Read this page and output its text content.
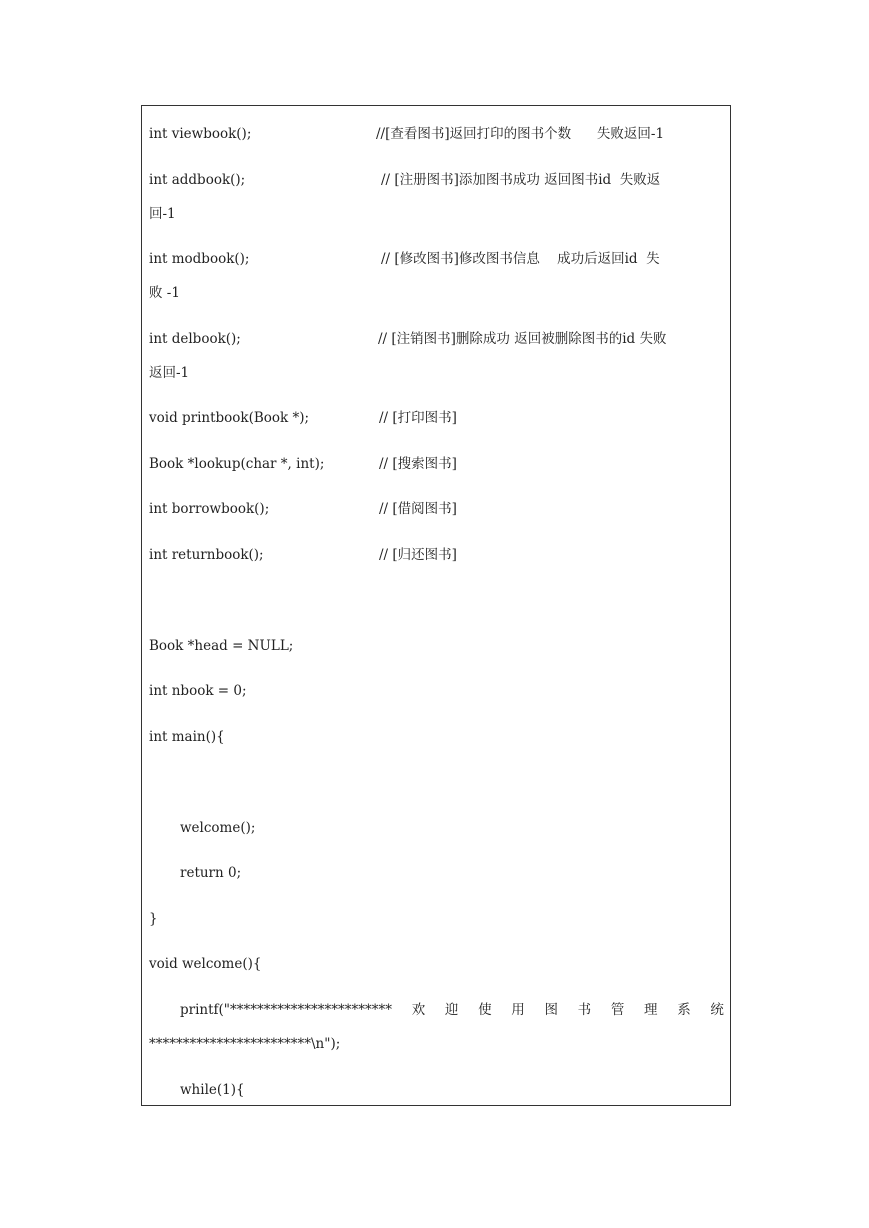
int viewbook();	//[查看图书]返回打印的图书个数      失败返回-1
int addbook();	// [注册图书]添加图书成功 返回图书id  失败返
回-1
int modbook();	// [修改图书]修改图书信息    成功后返回id  失
败 -1
int delbook();	// [注销图书]删除成功 返回被删除图书的id 失败
返回-1
void printbook(Book *);	// [打印图书]
Book *lookup(char *, int);	// [搜索图书]
int borrowbook();	// [借阅图书]
int returnbook();	// [归还图书]
Book *head = NULL;
int nbook = 0;
int main(){
welcome();
return 0;
}
void welcome(){
printf("************************ 欢 迎 使 用 图 书 管 理 系 统
************************\n");
while(1){
